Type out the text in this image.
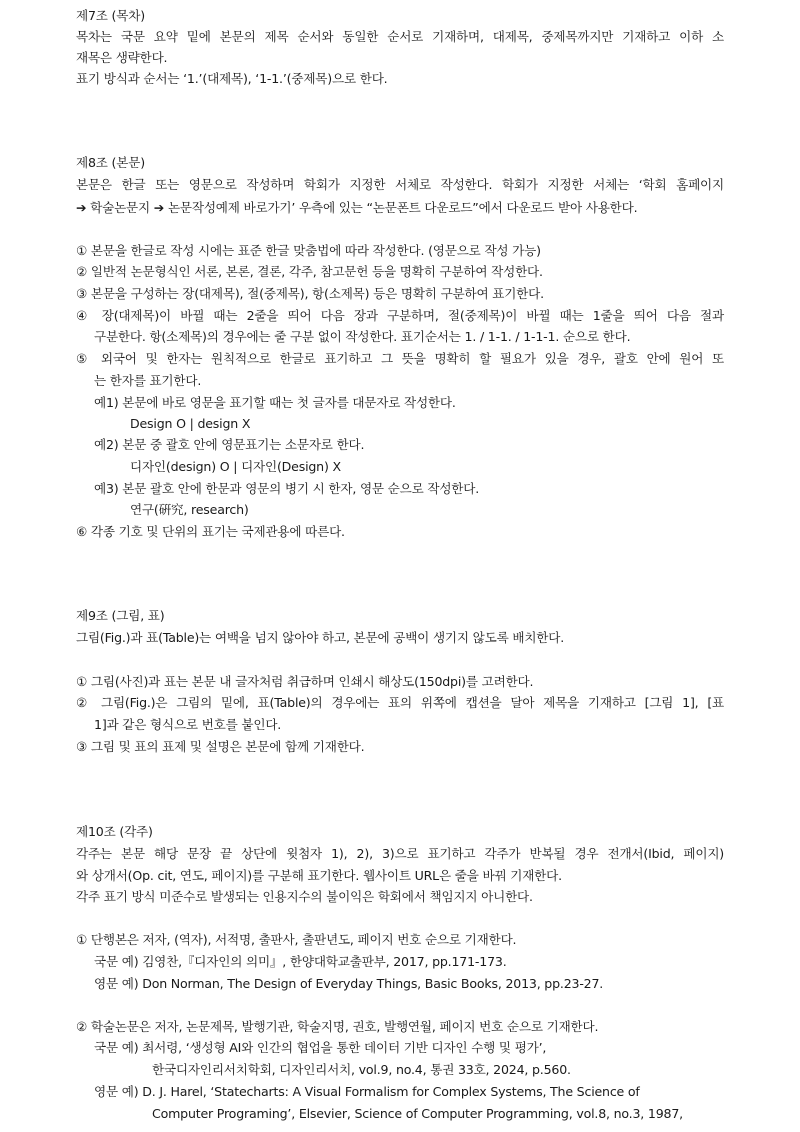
제7조 (목차)
목차는 국문 요약 밑에 본문의 제목 순서와 동일한 순서로 기재하며, 대제목, 중제목까지만 기재하고 이하 소
재목은 생략한다.
표기 방식과 순서는 ‘1.’(대제목), ‘1-1.’(중제목)으로 한다.
제8조 (본문)
본문은 한글 또는 영문으로 작성하며 학회가 지정한 서체로 작성한다. 학회가 지정한 서체는 ‘학회 홈페이지
➔ 학술논문지 ➔ 논문작성예제 바로가기’ 우측에 있는 “논문폰트 다운로드”에서 다운로드 받아 사용한다.
① 본문을 한글로 작성 시에는 표준 한글 맞춤법에 따라 작성한다. (영문으로 작성 가능)
② 일반적 논문형식인 서론, 본론, 결론, 각주, 참고문헌 등을 명확히 구분하여 작성한다.
③ 본문을 구성하는 장(대제목), 절(중제목), 항(소제목) 등은 명확히 구분하여 표기한다.
④ 장(대제목)이 바뀔 때는 2줄을 띄어 다음 장과 구분하며, 절(중제목)이 바뀔 때는 1줄을 띄어 다음 절과
구분한다. 항(소제목)의 경우에는 줄 구분 없이 작성한다. 표기순서는 1. / 1-1. / 1-1-1. 순으로 한다.
⑤ 외국어 및 한자는 원칙적으로 한글로 표기하고 그 뜻을 명확히 할 필요가 있을 경우, 괄호 안에 원어 또
는 한자를 표기한다.
예1) 본문에 바로 영문을 표기할 때는 첫 글자를 대문자로 작성한다.
Design O | design X
예2) 본문 중 괄호 안에 영문표기는 소문자로 한다.
디자인(design) O | 디자인(Design) X
예3) 본문 괄호 안에 한문과 영문의 병기 시 한자, 영문 순으로 작성한다.
연구(硏究, research)
⑥ 각종 기호 및 단위의 표기는 국제관용에 따른다.
제9조 (그림, 표)
그림(Fig.)과 표(Table)는 여백을 넘지 않아야 하고, 본문에 공백이 생기지 않도록 배치한다.
① 그림(사진)과 표는 본문 내 글자처럼 취급하며 인쇄시 해상도(150dpi)를 고려한다.
② 그림(Fig.)은 그림의 밑에, 표(Table)의 경우에는 표의 위쪽에 캡션을 달아 제목을 기재하고 [그림 1], [표
1]과 같은 형식으로 번호를 붙인다.
③ 그림 및 표의 표제 및 설명은 본문에 함께 기재한다.
제10조 (각주)
각주는 본문 해당 문장 끝 상단에 윗첨자 1), 2), 3)으로 표기하고 각주가 반복될 경우 전개서(Ibid, 페이지)
와 상개서(Op. cit, 연도, 페이지)를 구분해 표기한다. 웹사이트 URL은 줄을 바꿔 기재한다.
각주 표기 방식 미준수로 발생되는 인용지수의 불이익은 학회에서 책임지지 아니한다.
① 단행본은 저자, (역자), 서적명, 출판사, 출판년도, 페이지 번호 순으로 기재한다.
국문 예) 김영찬,『디자인의 의미』, 한양대학교출판부, 2017, pp.171-173.
영문 예) Don Norman, The Design of Everyday Things, Basic Books, 2013, pp.23-27.
② 학술논문은 저자, 논문제목, 발행기관, 학술지명, 권호, 발행연월, 페이지 번호 순으로 기재한다.
국문 예) 최서령, ‘생성형 AI와 인간의 협업을 통한 데이터 기반 디자인 수행 및 평가’,
한국디자인리서치학회, 디자인리서치, vol.9, no.4, 통권 33호, 2024, p.560.
영문 예) D. J. Harel, ‘Statecharts: A Visual Formalism for Complex Systems, The Science of
Computer Programing’, Elsevier, Science of Computer Programming, vol.8, no.3, 1987,
